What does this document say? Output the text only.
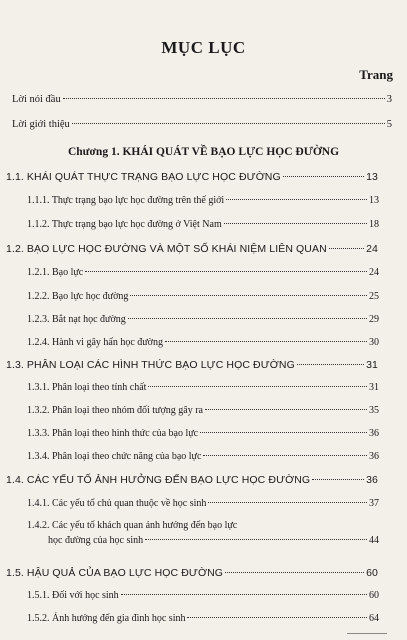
MỤC LỤC
Trang
Lời nói đầu	3
Lời giới thiệu	5
Chương 1. KHÁI QUÁT VỀ BẠO LỰC HỌC ĐƯỜNG
1.1. KHÁI QUÁT THỰC TRẠNG BẠO LỰC HỌC ĐƯỜNG	13
1.1.1. Thực trạng bạo lực học đường trên thế giới	13
1.1.2. Thực trạng bạo lực học đường ở Việt Nam	18
1.2. BẠO LỰC HỌC ĐƯỜNG VÀ MỘT SỐ KHÁI NIỆM LIÊN QUAN	24
1.2.1. Bạo lực	24
1.2.2. Bạo lực học đường	25
1.2.3. Bắt nạt học đường	29
1.2.4. Hành vi gây hấn học đường	30
1.3. PHÂN LOẠI CÁC HÌNH THỨC BẠO LỰC HỌC ĐƯỜNG	31
1.3.1. Phân loại theo tính chất	31
1.3.2. Phân loại theo nhóm đối tượng gây ra	35
1.3.3. Phân loại theo hình thức của bạo lực	36
1.3.4. Phân loại theo chức năng của bạo lực	36
1.4. CÁC YẾU TỐ ẢNH HƯỞNG ĐẾN BẠO LỰC HỌC ĐƯỜNG	36
1.4.1. Các yếu tố chủ quan thuộc về học sinh	37
1.4.2. Các yếu tố khách quan ảnh hưởng đến bạo lực
học đường của học sinh	44
1.5. HẬU QUẢ CỦA BẠO LỰC HỌC ĐƯỜNG	60
1.5.1. Đối với học sinh	60
1.5.2. Ảnh hưởng đến gia đình học sinh	64
